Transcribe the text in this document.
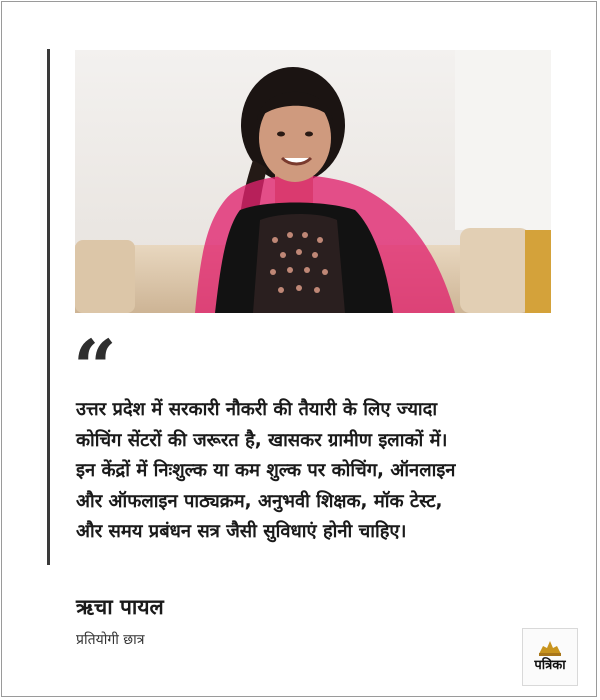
“

उत्तर प्रदेश में सरकारी नौकरी की तैयारी के लिए ज्यादा
कोचिंग सेंटरों की जरूरत है, खासकर ग्रामीण इलाकों में।
इन केंद्रों में निःशुल्क या कम शुल्क पर कोचिंग, ऑनलाइन
और ऑफलाइन पाठ्यक्रम, अनुभवी शिक्षक, मॉक टेस्ट,
और समय प्रबंधन सत्र जैसी सुविधाएं होनी चाहिए।

ऋचा पायल
प्रतियोगी छात्र
पत्रिका
